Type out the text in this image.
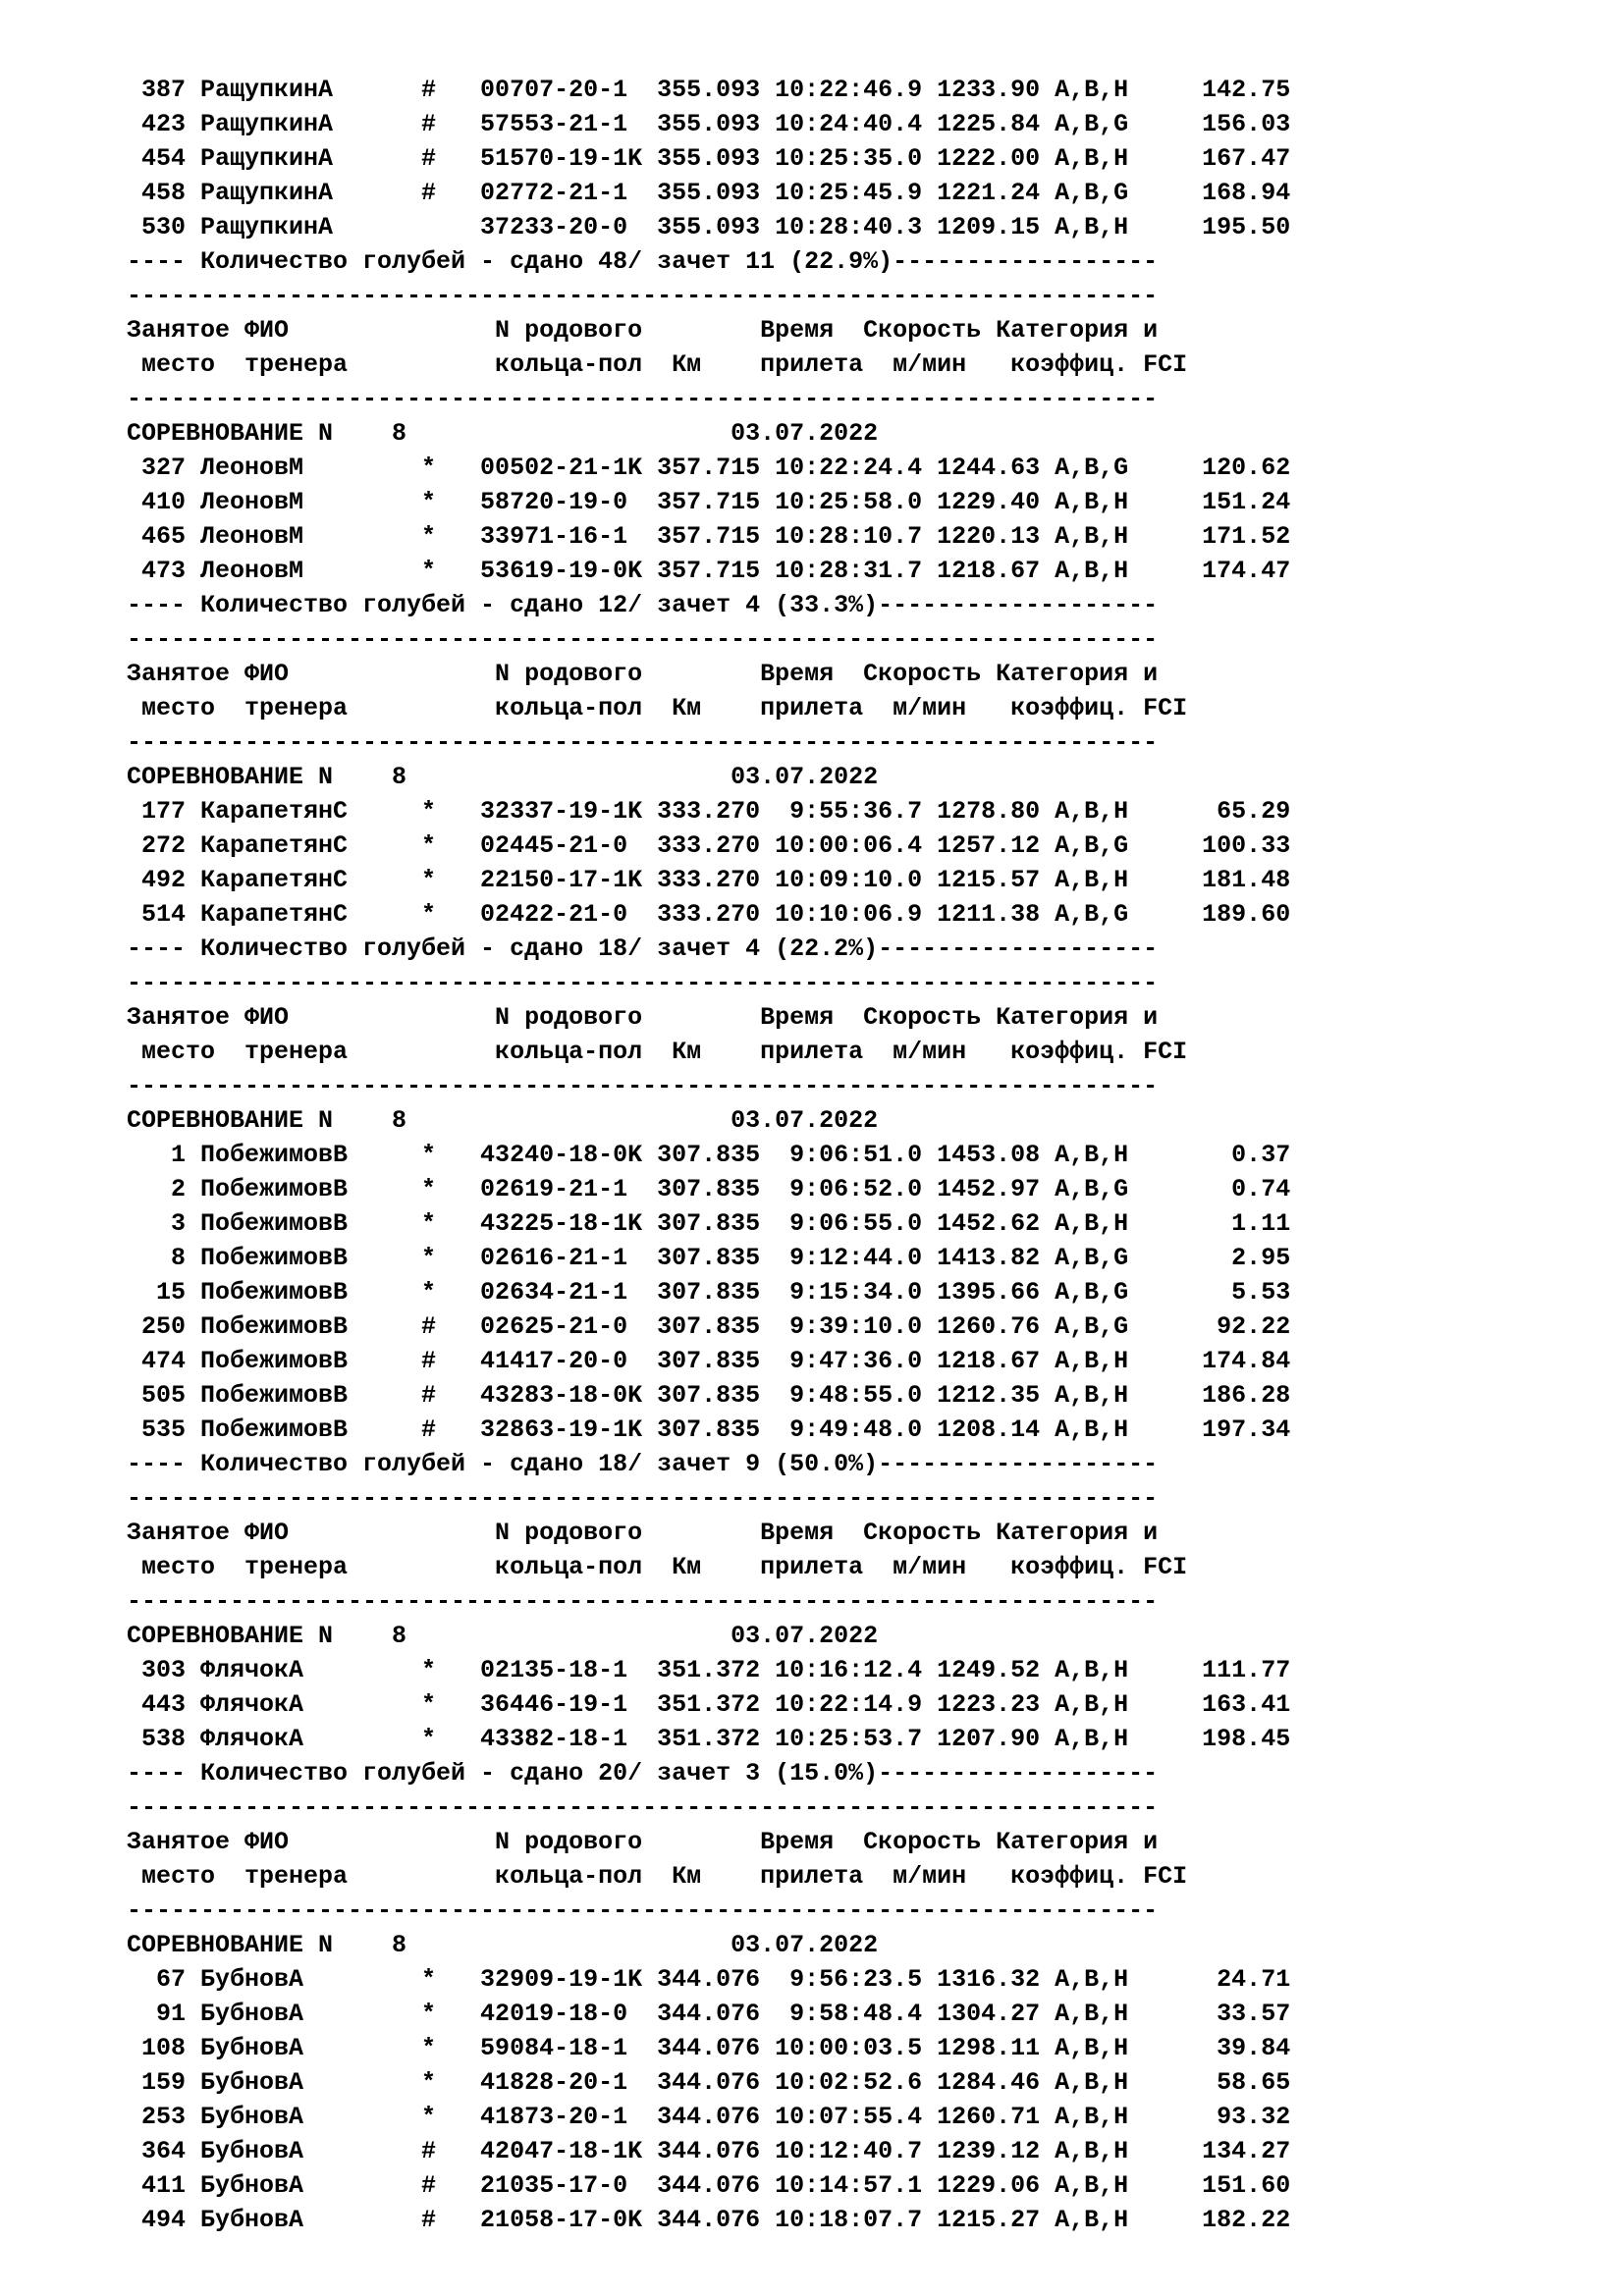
387 РащупкинА      #   00707-20-1  355.093 10:22:46.9 1233.90 A,B,H     142.75
423 РащупкинА      #   57553-21-1  355.093 10:24:40.4 1225.84 A,B,G     156.03
454 РащупкинА      #   51570-19-1K 355.093 10:25:35.0 1222.00 A,B,H     167.47
458 РащупкинА      #   02772-21-1  355.093 10:25:45.9 1221.24 A,B,G     168.94
530 РащупкинА          37233-20-0  355.093 10:28:40.3 1209.15 A,B,H     195.50
---- Количество голубей - сдано 48/ зачет 11 (22.9%)------------------
----------------------------------------------------------------------
Занятое ФИО              N родового        Время  Скорость Категория и
место  тренера          кольца-пол  Км    прилета  м/мин   коэффиц. FCI
----------------------------------------------------------------------
СОРЕВНОВАНИЕ N    8                      03.07.2022
327 ЛеоновМ        *   00502-21-1K 357.715 10:22:24.4 1244.63 A,B,G     120.62
410 ЛеоновМ        *   58720-19-0  357.715 10:25:58.0 1229.40 A,B,H     151.24
465 ЛеоновМ        *   33971-16-1  357.715 10:28:10.7 1220.13 A,B,H     171.52
473 ЛеоновМ        *   53619-19-0K 357.715 10:28:31.7 1218.67 A,B,H     174.47
---- Количество голубей - сдано 12/ зачет 4 (33.3%)-------------------
----------------------------------------------------------------------
Занятое ФИО              N родового        Время  Скорость Категория и
место  тренера          кольца-пол  Км    прилета  м/мин   коэффиц. FCI
----------------------------------------------------------------------
СОРЕВНОВАНИЕ N    8                      03.07.2022
177 КарапетянС     *   32337-19-1K 333.270  9:55:36.7 1278.80 A,B,H      65.29
272 КарапетянС     *   02445-21-0  333.270 10:00:06.4 1257.12 A,B,G     100.33
492 КарапетянС     *   22150-17-1K 333.270 10:09:10.0 1215.57 A,B,H     181.48
514 КарапетянС     *   02422-21-0  333.270 10:10:06.9 1211.38 A,B,G     189.60
---- Количество голубей - сдано 18/ зачет 4 (22.2%)-------------------
----------------------------------------------------------------------
Занятое ФИО              N родового        Время  Скорость Категория и
место  тренера          кольца-пол  Км    прилета  м/мин   коэффиц. FCI
----------------------------------------------------------------------
СОРЕВНОВАНИЕ N    8                      03.07.2022
1 ПобежимовВ     *   43240-18-0K 307.835  9:06:51.0 1453.08 A,B,H       0.37
2 ПобежимовВ     *   02619-21-1  307.835  9:06:52.0 1452.97 A,B,G       0.74
3 ПобежимовВ     *   43225-18-1K 307.835  9:06:55.0 1452.62 A,B,H       1.11
8 ПобежимовВ     *   02616-21-1  307.835  9:12:44.0 1413.82 A,B,G       2.95
15 ПобежимовВ     *   02634-21-1  307.835  9:15:34.0 1395.66 A,B,G       5.53
250 ПобежимовВ     #   02625-21-0  307.835  9:39:10.0 1260.76 A,B,G      92.22
474 ПобежимовВ     #   41417-20-0  307.835  9:47:36.0 1218.67 A,B,H     174.84
505 ПобежимовВ     #   43283-18-0K 307.835  9:48:55.0 1212.35 A,B,H     186.28
535 ПобежимовВ     #   32863-19-1K 307.835  9:49:48.0 1208.14 A,B,H     197.34
---- Количество голубей - сдано 18/ зачет 9 (50.0%)-------------------
----------------------------------------------------------------------
Занятое ФИО              N родового        Время  Скорость Категория и
место  тренера          кольца-пол  Км    прилета  м/мин   коэффиц. FCI
----------------------------------------------------------------------
СОРЕВНОВАНИЕ N    8                      03.07.2022
303 ФлячокА        *   02135-18-1  351.372 10:16:12.4 1249.52 A,B,H     111.77
443 ФлячокА        *   36446-19-1  351.372 10:22:14.9 1223.23 A,B,H     163.41
538 ФлячокА        *   43382-18-1  351.372 10:25:53.7 1207.90 A,B,H     198.45
---- Количество голубей - сдано 20/ зачет 3 (15.0%)-------------------
----------------------------------------------------------------------
Занятое ФИО              N родового        Время  Скорость Категория и
место  тренера          кольца-пол  Км    прилета  м/мин   коэффиц. FCI
----------------------------------------------------------------------
СОРЕВНОВАНИЕ N    8                      03.07.2022
67 БубновА        *   32909-19-1K 344.076  9:56:23.5 1316.32 A,B,H      24.71
91 БубновА        *   42019-18-0  344.076  9:58:48.4 1304.27 A,B,H      33.57
108 БубновА        *   59084-18-1  344.076 10:00:03.5 1298.11 A,B,H      39.84
159 БубновА        *   41828-20-1  344.076 10:02:52.6 1284.46 A,B,H      58.65
253 БубновА        *   41873-20-1  344.076 10:07:55.4 1260.71 A,B,H      93.32
364 БубновА        #   42047-18-1K 344.076 10:12:40.7 1239.12 A,B,H     134.27
411 БубновА        #   21035-17-0  344.076 10:14:57.1 1229.06 A,B,H     151.60
494 БубновА        #   21058-17-0K 344.076 10:18:07.7 1215.27 A,B,H     182.22
